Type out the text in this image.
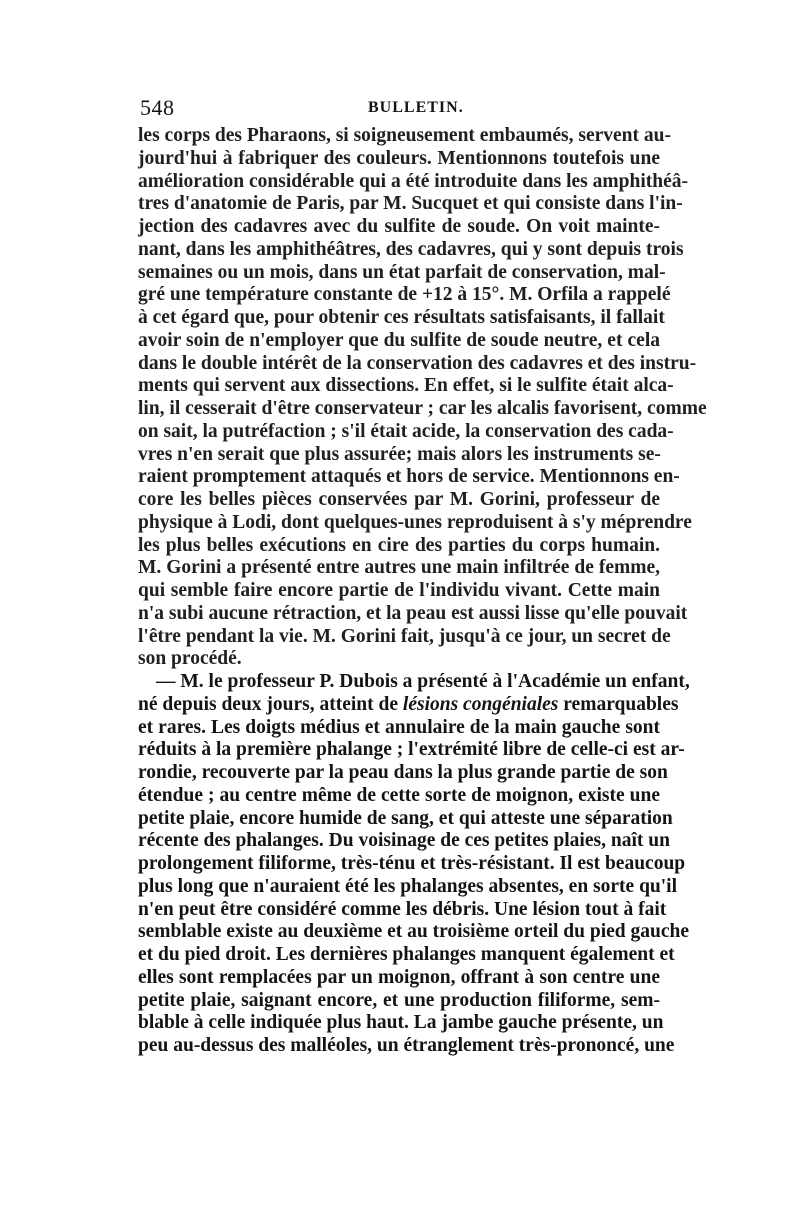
548	BULLETIN.
les corps des Pharaons, si soigneusement embaumés, servent au-
jourd'hui à fabriquer des couleurs. Mentionnons toutefois une
amélioration considérable qui a été introduite dans les amphithéâ-
tres d'anatomie de Paris, par M. Sucquet et qui consiste dans l'in-
jection des cadavres avec du sulfite de soude. On voit mainte-
nant, dans les amphithéâtres, des cadavres, qui y sont depuis trois
semaines ou un mois, dans un état parfait de conservation, mal-
gré une température constante de +12 à 15°. M. Orfila a rappelé
à cet égard que, pour obtenir ces résultats satisfaisants, il fallait
avoir soin de n'employer que du sulfite de soude neutre, et cela
dans le double intérêt de la conservation des cadavres et des instru-
ments qui servent aux dissections. En effet, si le sulfite était alca-
lin, il cesserait d'être conservateur ; car les alcalis favorisent, comme
on sait, la putréfaction ; s'il était acide, la conservation des cada-
vres n'en serait que plus assurée; mais alors les instruments se-
raient promptement attaqués et hors de service. Mentionnons en-
core les belles pièces conservées par M. Gorini, professeur de
physique à Lodi, dont quelques-unes reproduisent à s'y méprendre
les plus belles exécutions en cire des parties du corps humain.
M. Gorini a présenté entre autres une main infiltrée de femme,
qui semble faire encore partie de l'individu vivant. Cette main
n'a subi aucune rétraction, et la peau est aussi lisse qu'elle pouvait
l'être pendant la vie. M. Gorini fait, jusqu'à ce jour, un secret de
son procédé.
— M. le professeur P. Dubois a présenté à l'Académie un enfant,
né depuis deux jours, atteint de lésions congéniales remarquables
et rares. Les doigts médius et annulaire de la main gauche sont
réduits à la première phalange ; l'extrémité libre de celle-ci est ar-
rondie, recouverte par la peau dans la plus grande partie de son
étendue ; au centre même de cette sorte de moignon, existe une
petite plaie, encore humide de sang, et qui atteste une séparation
récente des phalanges. Du voisinage de ces petites plaies, naît un
prolongement filiforme, très-ténu et très-résistant. Il est beaucoup
plus long que n'auraient été les phalanges absentes, en sorte qu'il
n'en peut être considéré comme les débris. Une lésion tout à fait
semblable existe au deuxième et au troisième orteil du pied gauche
et du pied droit. Les dernières phalanges manquent également et
elles sont remplacées par un moignon, offrant à son centre une
petite plaie, saignant encore, et une production filiforme, sem-
blable à celle indiquée plus haut. La jambe gauche présente, un
peu au-dessus des malléoles, un étranglement très-prononcé, une
